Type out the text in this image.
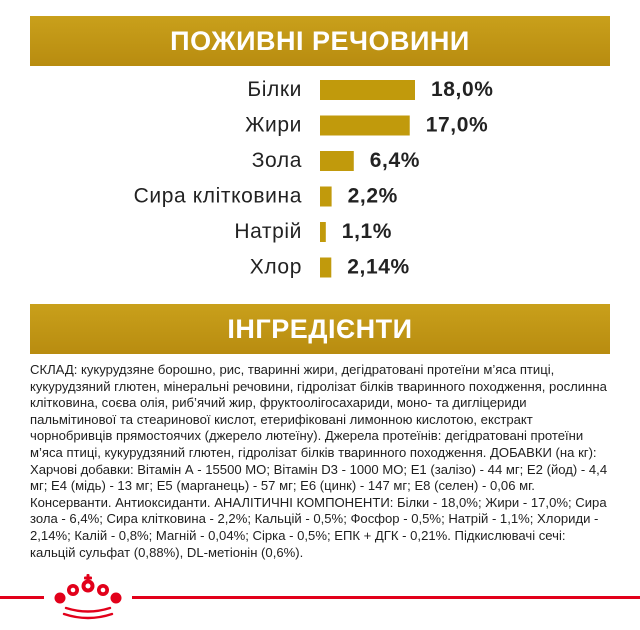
ПОЖИВНІ РЕЧОВИНИ
Білки	18,0%
Жири	17,0%
Зола	6,4%
Сира клітковина 2,2%
Натрій 1,1%
Хлор 2,14%
ІНГРЕДІЄНТИ

СКЛАД: кукурудзяне борошно, рис, тваринні жири, дегідратовані протеїни м’яса птиці, кукурудзяний глютен, мінеральні речовини, гідролізат білків тваринного походження, рослинна клітковина, соєва олія, риб’ячий жир, фруктоолігосахариди, моно- та дигліцериди пальмітинової та стеаринової кислот, етерифіковані лимонною кислотою, екстракт чорнобривців прямостоячих (джерело лютеїну). Джерела протеїнів: дегідратовані протеїни м’яса птиці, кукурудзяний глютен, гідролізат білків тваринного походження. ДОБАВКИ (на кг): Харчові добавки: Вітамін А - 15500 МО; Вітамін D3 - 1000 МО; E1 (залізо) - 44 мг; E2 (йод) - 4,4 мг; E4 (мідь) - 13 мг; E5 (марганець) - 57 мг; E6 (цинк) - 147 мг; E8 (селен) - 0,06 мг. Консерванти. Антиоксиданти. АНАЛІТИЧНІ КОМПОНЕНТИ: Білки - 18,0%; Жири - 17,0%; Сира зола - 6,4%; Сира клітковина - 2,2%; Кальцій - 0,5%; Фосфор - 0,5%; Натрій - 1,1%; Хлориди - 2,14%; Калій - 0,8%; Магній - 0,04%; Сірка - 0,5%; ЕПК + ДГК - 0,21%. Підкислювачі сечі: кальцій сульфат (0,88%), DL-метіонін (0,6%).
